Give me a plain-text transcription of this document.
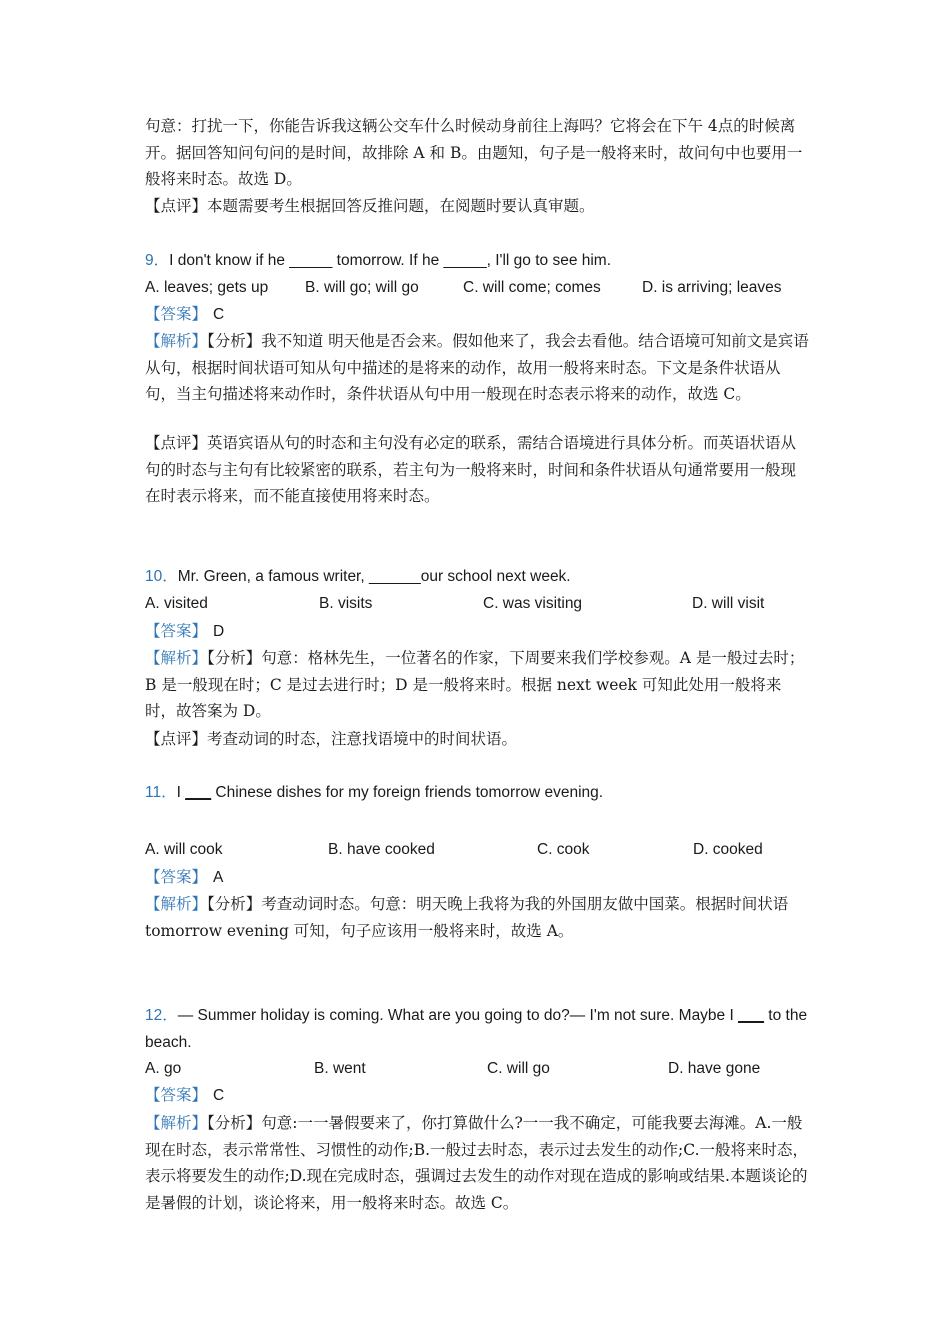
句意：打扰一下，你能告诉我这辆公交车什么时候动身前往上海吗？它将会在下午 4点的时候离开。据回答知问句问的是时间，故排除 A 和 B。由题知，句子是一般将来时，故问句中也要用一般将来时态。故选 D。

【点评】本题需要考生根据回答反推问题，在阅题时要认真审题。

9．I don't know if he _____ tomorrow. If he _____, I'll go to see him.

A. leaves; gets up B. will go; will go	C. will come; comes	D. is arriving; leaves

【答案】 C

【解析】【分析】我不知道 明天他是否会来。假如他来了，我会去看他。结合语境可知前文是宾语从句，根据时间状语可知从句中描述的是将来的动作，故用一般将来时态。下文是条件状语从句，当主句描述将来动作时，条件状语从句中用一般现在时态表示将来的动作，故选 C。

【点评】英语宾语从句的时态和主句没有必定的联系，需结合语境进行具体分析。而英语状语从句的时态与主句有比较紧密的联系，若主句为一般将来时，时间和条件状语从句通常要用一般现在时表示将来，而不能直接使用将来时态。

10．Mr. Green, a famous writer, ______our school next week.

A. visited	B. visits	C. was visiting	D. will visit

【答案】 D

【解析】【分析】句意：格林先生，一位著名的作家，下周要来我们学校参观。A 是一般过去时；B 是一般现在时；C 是过去进行时；D 是一般将来时。根据 next week 可知此处用一般将来时，故答案为 D。

【点评】考查动词的时态，注意找语境中的时间状语。

11．I ___ Chinese dishes for my foreign friends tomorrow evening.

A. will cook	B. have cooked	C. cook	D. cooked

【答案】 A

【解析】【分析】考查动词时态。句意：明天晚上我将为我的外国朋友做中国菜。根据时间状语 tomorrow evening 可知，句子应该用一般将来时，故选 A。

12．— Summer holiday is coming. What are you going to do?— I'm not sure. Maybe I ___ to the beach.

A. go	B. went	C. will go	D. have gone

【答案】 C

【解析】【分析】句意:一一暑假要来了，你打算做什么?一一我不确定，可能我要去海滩。A.一般现在时态，表示常常性、习惯性的动作;B.一般过去时态，表示过去发生的动作;C.一般将来时态，表示将要发生的动作;D.现在完成时态，强调过去发生的动作对现在造成的影响或结果.本题谈论的是暑假的计划，谈论将来，用一般将来时态。故选 C。
